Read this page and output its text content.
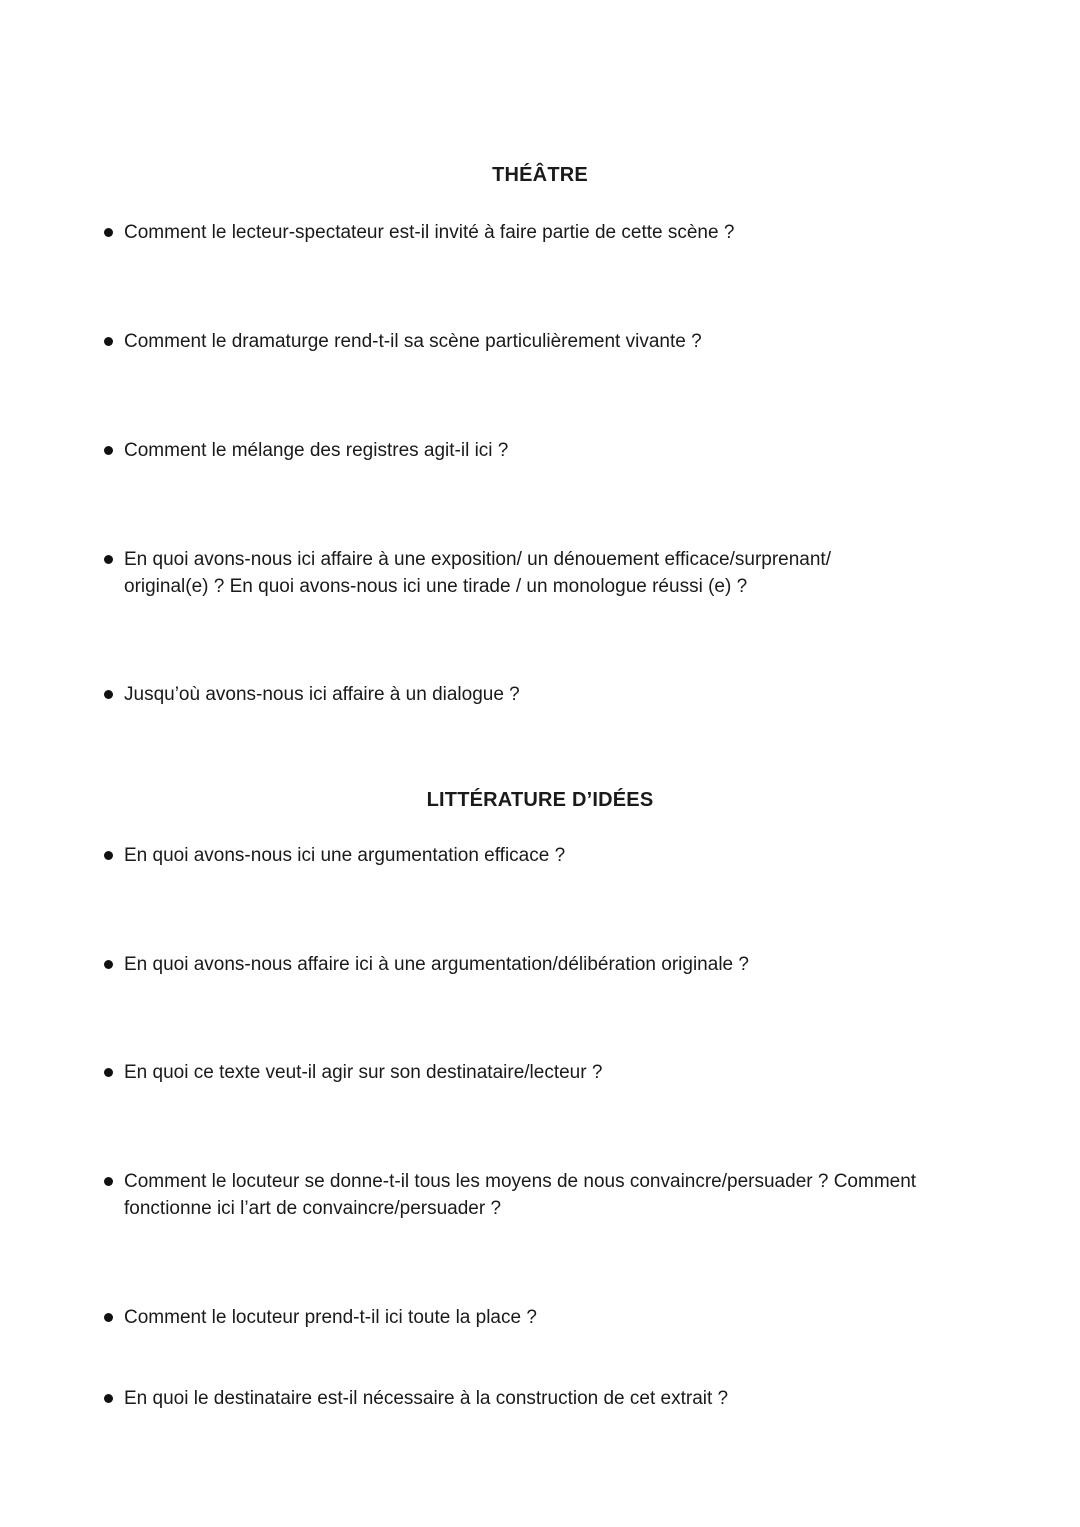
THÉÂTRE
Comment le lecteur-spectateur est-il invité à faire partie de cette scène ?
Comment le dramaturge rend-t-il sa scène particulièrement vivante ?
Comment le mélange des registres agit-il ici ?
En quoi avons-nous ici affaire à une exposition/ un dénouement efficace/surprenant/ original(e) ? En quoi avons-nous ici une tirade / un monologue réussi (e) ?
Jusqu’où avons-nous ici affaire à un dialogue ?
LITTÉRATURE D’IDÉES
En quoi avons-nous ici une argumentation efficace ?
En quoi avons-nous affaire ici à une argumentation/délibération originale ?
En quoi ce texte veut-il agir sur son destinataire/lecteur ?
Comment le locuteur se donne-t-il tous les moyens de nous convaincre/persuader ? Comment fonctionne ici l’art de convaincre/persuader ?
Comment le locuteur prend-t-il ici toute la place ?
En quoi le destinataire est-il nécessaire à la construction de cet extrait ?
